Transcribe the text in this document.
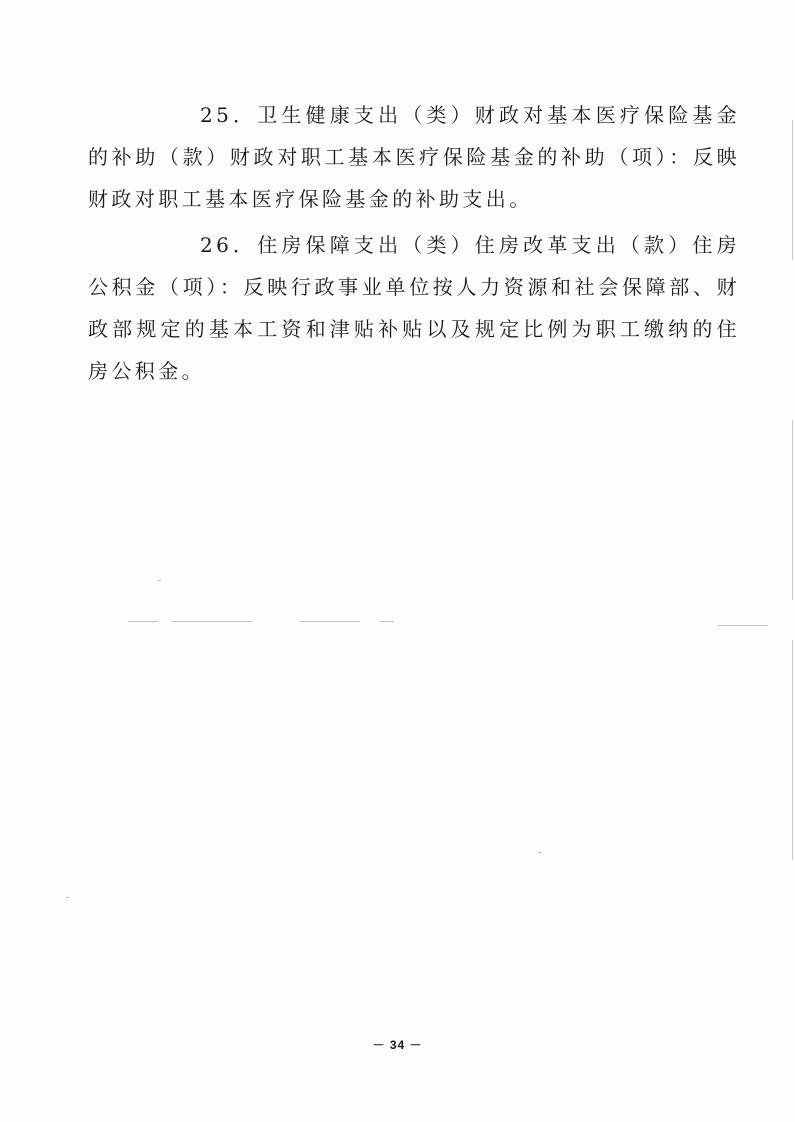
25．卫生健康支出（类）财政对基本医疗保险基金的补助（款）财政对职工基本医疗保险基金的补助（项）：反映财政对职工基本医疗保险基金的补助支出。

26．住房保障支出（类）住房改革支出（款）住房公积金（项）：反映行政事业单位按人力资源和社会保障部、财政部规定的基本工资和津贴补贴以及规定比例为职工缴纳的住房公积金。

－ 34 －
